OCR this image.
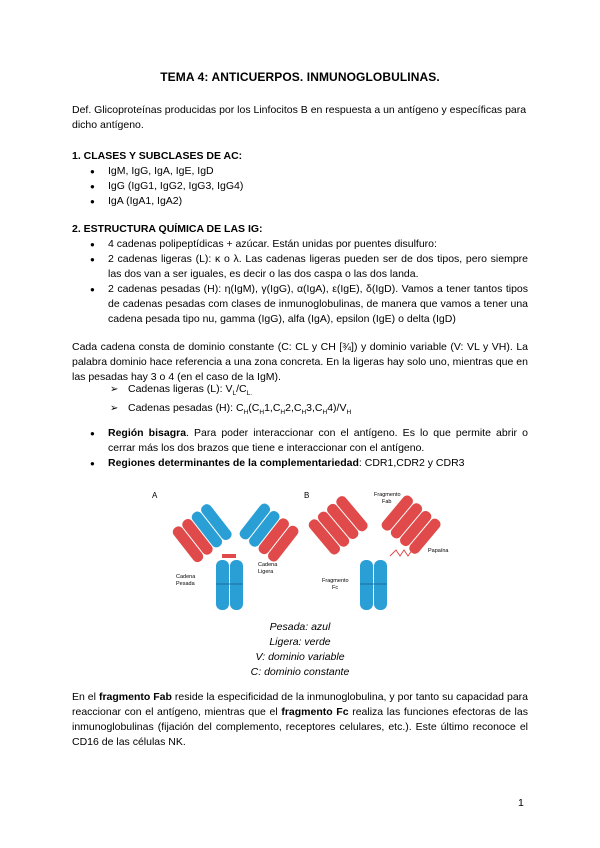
TEMA 4: ANTICUERPOS. INMUNOGLOBULINAS.
Def. Glicoproteínas producidas por los Linfocitos B en respuesta a un antígeno y específicas para dicho antígeno.
1. CLASES Y SUBCLASES DE AC:
● IgM, IgG, IgA, IgE, IgD
● IgG (IgG1, IgG2, IgG3, IgG4)
● IgA (IgA1, IgA2)
2. ESTRUCTURA QUÍMICA DE LAS IG:
● 4 cadenas polipeptídicas + azúcar. Están unidas por puentes disulfuro:
● 2 cadenas ligeras (L): κ o λ. Las cadenas ligeras pueden ser de dos tipos, pero siempre las dos van a ser iguales, es decir o las dos caspa o las dos landa.
● 2 cadenas pesadas (H): η(IgM), γ(IgG), α(IgA), ε(IgE), δ(IgD). Vamos a tener tantos tipos de cadenas pesadas com clases de inmunoglobulinas, de manera que vamos a tener una cadena pesada tipo nu, gamma (IgG), alfa (IgA), epsilon (IgE) o delta (IgD)
Cada cadena consta de dominio constante (C: CL y CH [¾]) y dominio variable (V: VL y VH). La palabra dominio hace referencia a una zona concreta. En la ligeras hay solo uno, mientras que en las pesadas hay 3 o 4 (en el caso de la IgM).
➢ Cadenas ligeras (L): $V_L/C_{L.}$
➢ Cadenas pesadas (H): $C_H(C_H1,C_H2,C_H3,C_H4)/V_H$
● Región bisagra. Para poder interaccionar con el antígeno. Es lo que permite abrir o cerrar más los dos brazos que tiene e interaccionar con el antígeno.
● Regiones determinantes de la complementariedad: CDR1,CDR2 y CDR3
A
Cadena
Pesada
Cadena
Ligera
B	Fragmento
Fab
Papaína
Fragmento
Fc
Pesada: azul
Ligera: verde
V: dominio variable
C: dominio constante
En el fragmento Fab reside la especificidad de la inmunoglobulina, y por tanto su capacidad para reaccionar con el antígeno, mientras que el fragmento Fc realiza las funciones efectoras de las inmunoglobulinas (fijación del complemento, receptores celulares, etc.). Este último reconoce el CD16 de las células NK.
1
